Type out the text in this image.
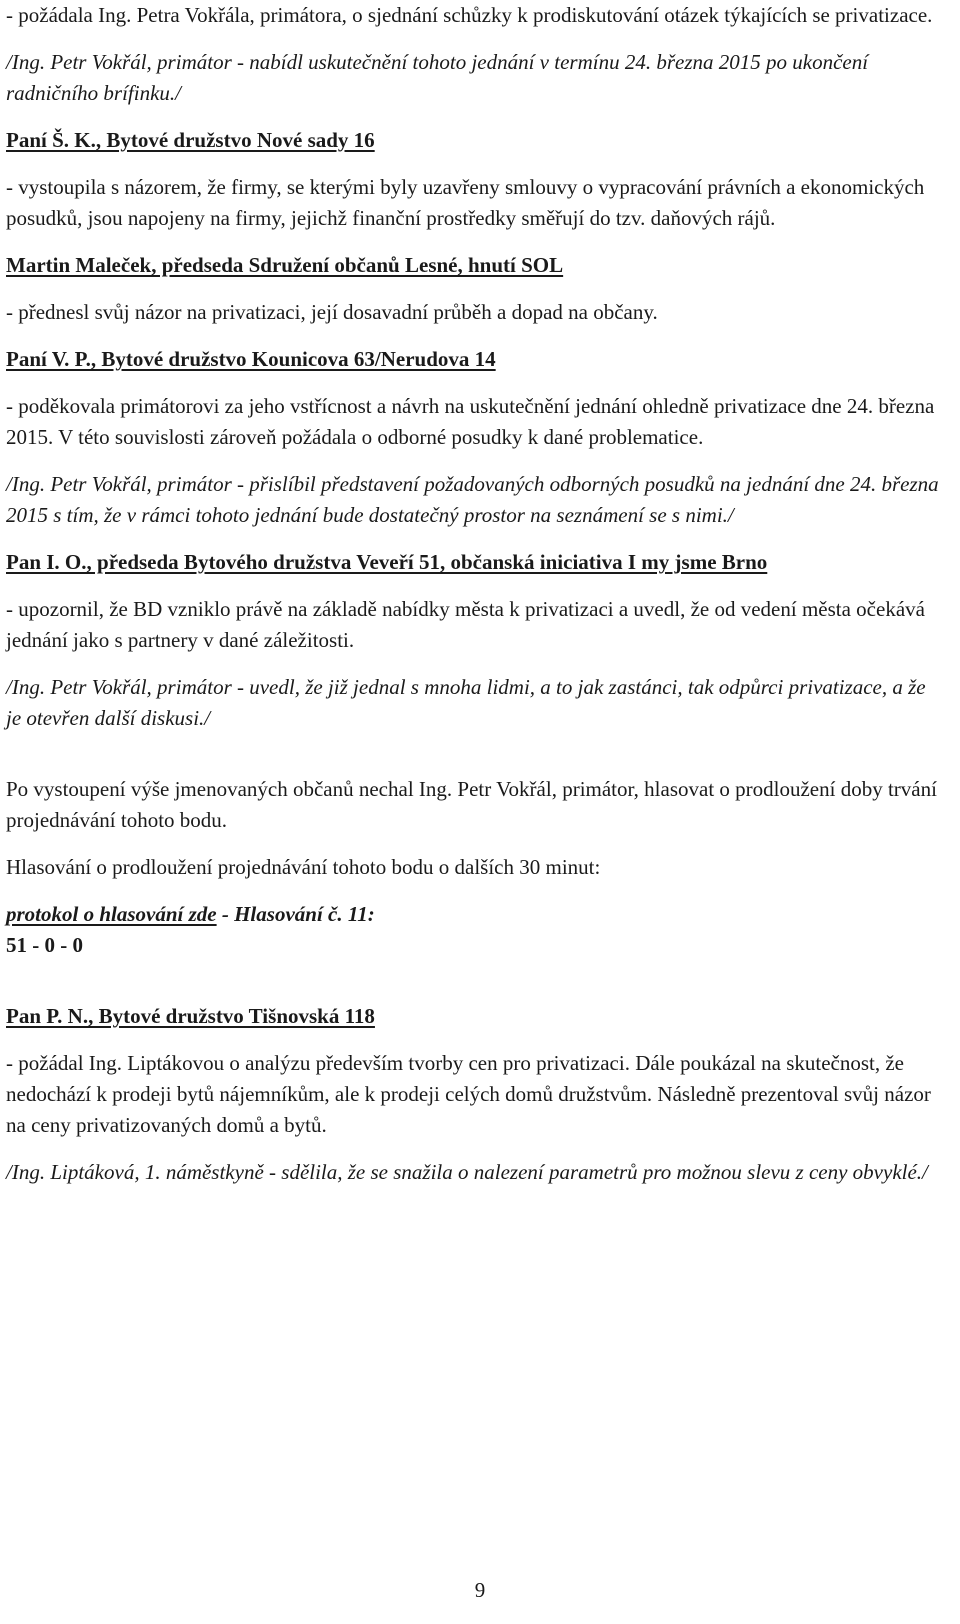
- požádala Ing. Petra Vokřála, primátora, o sjednání schůzky k prodiskutování otázek týkajících se privatizace.

/Ing. Petr Vokřál, primátor - nabídl uskutečnění tohoto jednání v termínu 24. března 2015 po ukončení radničního brífinku./

Paní Š. K., Bytové družstvo Nové sady 16

- vystoupila s názorem, že firmy, se kterými byly uzavřeny smlouvy o vypracování právních a ekonomických posudků, jsou napojeny na firmy, jejichž finanční prostředky směřují do tzv. daňových rájů.

Martin Maleček, předseda Sdružení občanů Lesné, hnutí SOL

- přednesl svůj názor na privatizaci, její dosavadní průběh a dopad na občany.

Paní V. P., Bytové družstvo Kounicova 63/Nerudova 14

- poděkovala primátorovi za jeho vstřícnost a návrh na uskutečnění jednání ohledně privatizace dne 24. března 2015. V této souvislosti zároveň požádala o odborné posudky k dané problematice.

/Ing. Petr Vokřál, primátor - přislíbil představení požadovaných odborných posudků na jednání dne 24. března 2015 s tím, že v rámci tohoto jednání bude dostatečný prostor na seznámení se s nimi./

Pan I. O., předseda Bytového družstva Veveří 51, občanská iniciativa I my jsme Brno

- upozornil, že BD vzniklo právě na základě nabídky města k privatizaci a uvedl, že od vedení města očekává jednání jako s partnery v dané záležitosti.

/Ing. Petr Vokřál, primátor - uvedl, že již jednal s mnoha lidmi, a to jak zastánci, tak odpůrci privatizace, a že je otevřen další diskusi./

Po vystoupení výše jmenovaných občanů nechal Ing. Petr Vokřál, primátor, hlasovat o prodloužení doby trvání projednávání tohoto bodu.

Hlasování o prodloužení projednávání tohoto bodu o dalších 30 minut:

protokol o hlasování zde - Hlasování č. 11:

51 - 0 - 0

Pan P. N., Bytové družstvo Tišnovská 118

- požádal Ing. Liptákovou o analýzu především tvorby cen pro privatizaci. Dále poukázal na skutečnost, že nedochází k prodeji bytů nájemníkům, ale k prodeji celých domů družstvům. Následně prezentoval svůj názor na ceny privatizovaných domů a bytů.

/Ing. Liptáková, 1. náměstkyně - sdělila, že se snažila o nalezení parametrů pro možnou slevu z ceny obvyklé./

9
